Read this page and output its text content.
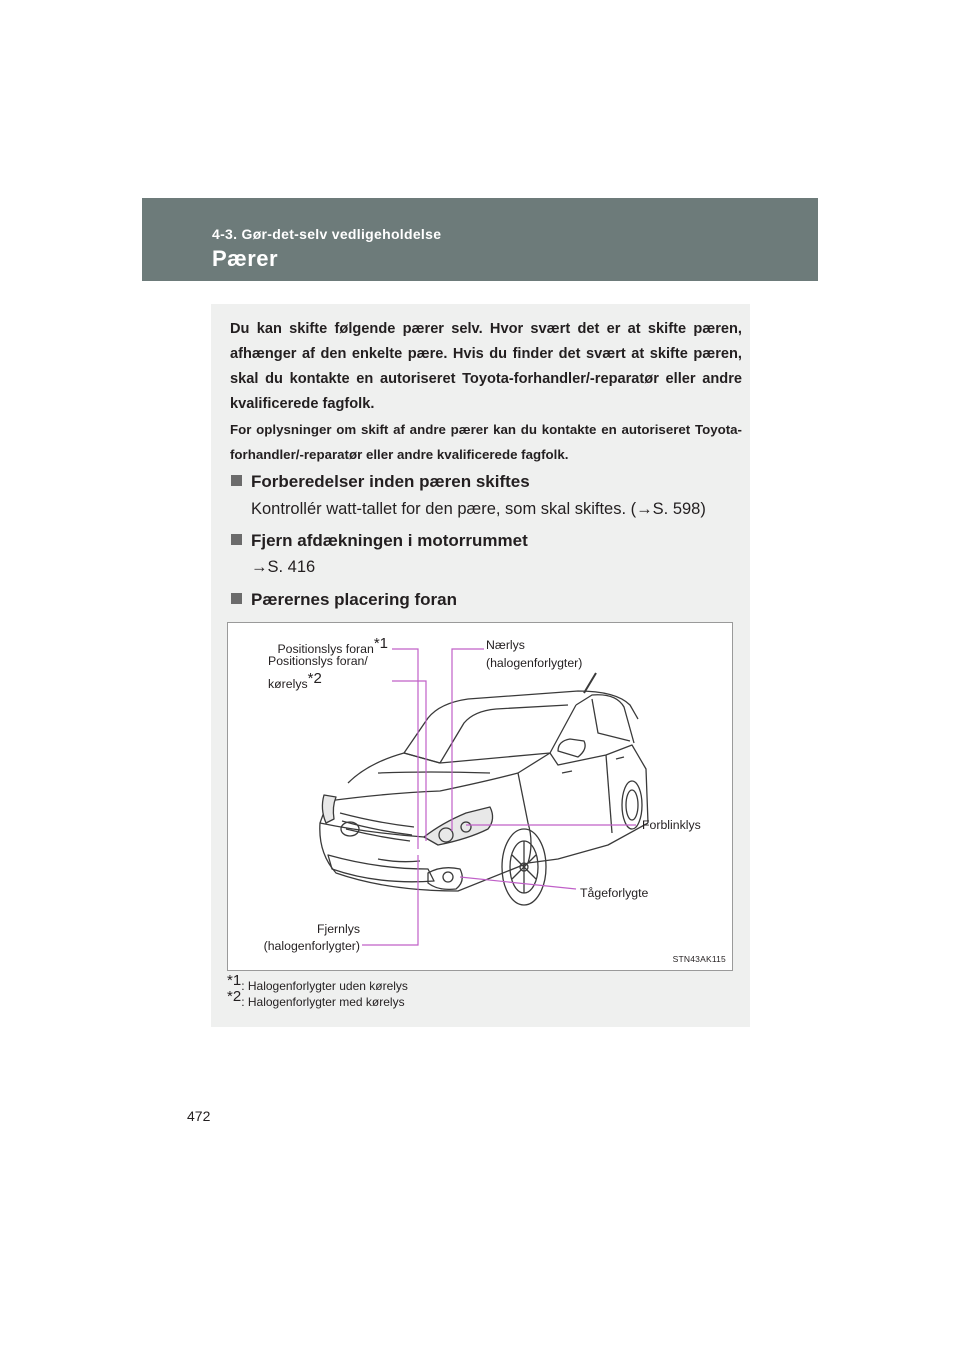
4-3. Gør-det-selv vedligeholdelse
Pærer

Du kan skifte følgende pærer selv. Hvor svært det er at skifte pæren, afhænger af den enkelte pære. Hvis du finder det svært at skifte pæren, skal du kontakte en autoriseret Toyota-forhandler/-reparatør eller andre kvalificerede fagfolk.

For oplysninger om skift af andre pærer kan du kontakte en autoriseret Toyota-forhandler/-reparatør eller andre kvalificerede fagfolk.

Forberedelser inden pæren skiftes
Kontrollér watt-tallet for den pære, som skal skiftes. (→S. 598)
Fjern afdækningen i motorrummet
→S. 416
Pærernes placering foran
Positionslys foran$^{*1}$
Positionslys foran/
kørelys$^{*2}$
Nærlys
(halogenforlygter)
Forblinklys
Tågeforlygte
Fjernlys
(halogenforlygter)
STN43AK115
$^{*1}$: Halogenforlygter uden kørelys
$^{*2}$: Halogenforlygter med kørelys
472
